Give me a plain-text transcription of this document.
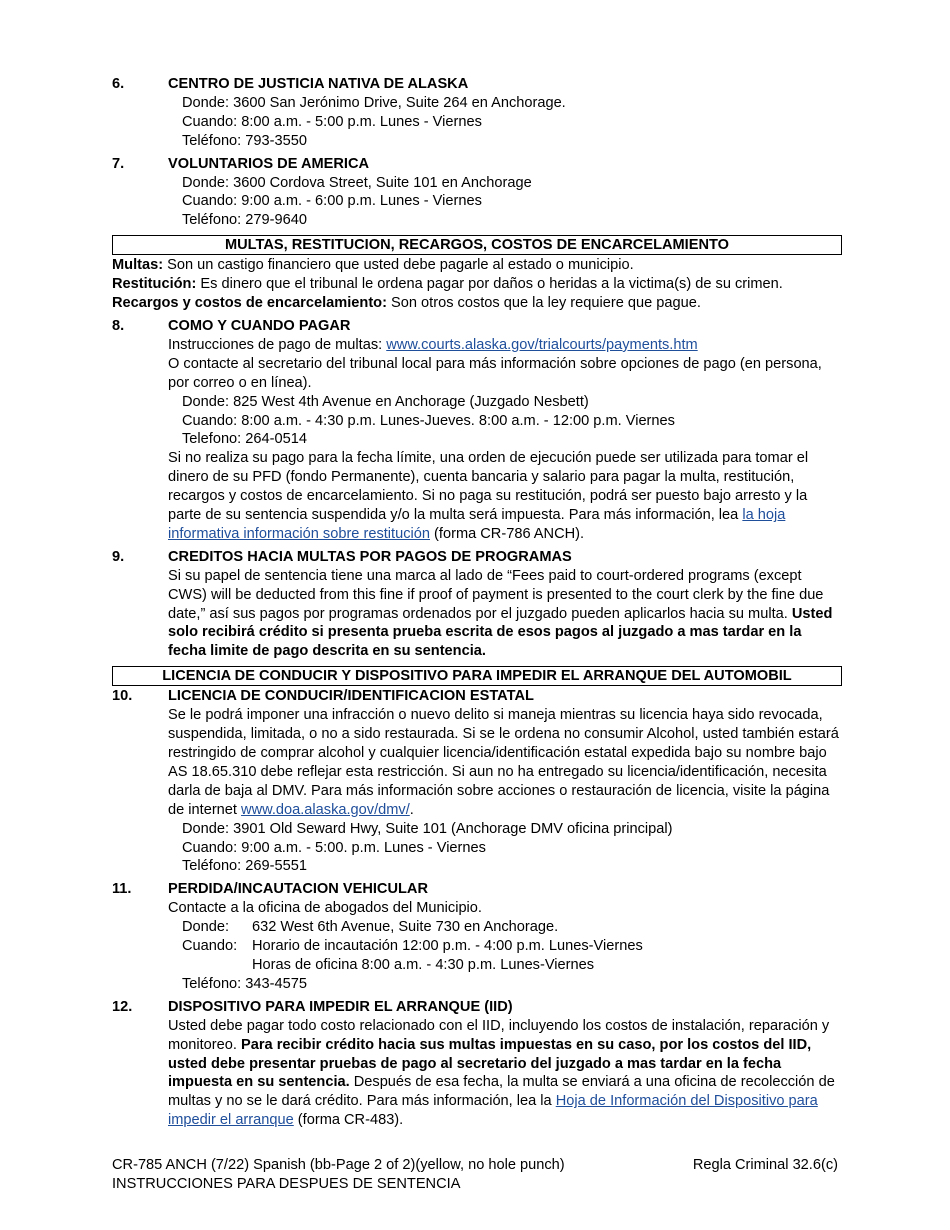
6.	CENTRO DE JUSTICIA NATIVA DE ALASKA
Donde: 3600 San Jerónimo Drive, Suite 264 en Anchorage.
Cuando: 8:00 a.m. - 5:00 p.m. Lunes - Viernes
Teléfono: 793-3550
7.	VOLUNTARIOS DE AMERICA
Donde: 3600 Cordova Street, Suite 101 en Anchorage
Cuando: 9:00 a.m. - 6:00 p.m. Lunes - Viernes
Teléfono: 279-9640
MULTAS, RESTITUCION, RECARGOS, COSTOS DE ENCARCELAMIENTO
Multas: Son un castigo financiero que usted debe pagarle al estado o municipio.
Restitución: Es dinero que el tribunal le ordena pagar por daños o heridas a la victima(s) de su crimen.
Recargos y costos de encarcelamiento: Son otros costos que la ley requiere que pague.
8.	COMO Y CUANDO PAGAR
Instrucciones de pago de multas: www.courts.alaska.gov/trialcourts/payments.htm
O contacte al secretario del tribunal local para más información sobre opciones de pago (en persona, por correo o en línea).
Donde: 825 West 4th Avenue en Anchorage (Juzgado Nesbett)
Cuando: 8:00 a.m. - 4:30 p.m. Lunes-Jueves. 8:00 a.m. - 12:00 p.m. Viernes
Telefono: 264-0514
Si no realiza su pago para la fecha límite, una orden de ejecución puede ser utilizada para tomar el dinero de su PFD (fondo Permanente), cuenta bancaria y salario para pagar la multa, restitución, recargos y costos de encarcelamiento. Si no paga su restitución, podrá ser puesto bajo arresto y la parte de su sentencia suspendida y/o la multa será impuesta. Para más información, lea la hoja informativa información sobre restitución (forma CR-786 ANCH).
9.	CREDITOS HACIA MULTAS POR PAGOS DE PROGRAMAS
Si su papel de sentencia tiene una marca al lado de “Fees paid to court-ordered programs (except CWS) will be deducted from this fine if proof of payment is presented to the court clerk by the fine due date,” así sus pagos por programas ordenados por el juzgado pueden aplicarlos hacia su multa. Usted solo recibirá crédito si presenta prueba escrita de esos pagos al juzgado a mas tardar en la fecha limite de pago descrita en su sentencia.
LICENCIA DE CONDUCIR Y DISPOSITIVO PARA IMPEDIR EL ARRANQUE DEL AUTOMOBIL
10.	LICENCIA DE CONDUCIR/IDENTIFICACION ESTATAL
Se le podrá imponer una infracción o nuevo delito si maneja mientras su licencia haya sido revocada, suspendida, limitada, o no a sido restaurada. Si se le ordena no consumir Alcohol, usted también estará restringido de comprar alcohol y cualquier licencia/identificación estatal expedida bajo su nombre bajo AS 18.65.310 debe reflejar esta restricción. Si aun no ha entregado su licencia/identificación, necesita darla de baja al DMV. Para más información sobre acciones o restauración de licencia, visite la página de internet www.doa.alaska.gov/dmv/.
Donde: 3901 Old Seward Hwy, Suite 101 (Anchorage DMV oficina principal)
Cuando: 9:00 a.m. - 5:00. p.m. Lunes - Viernes
Teléfono: 269-5551
11.	PERDIDA/INCAUTACION VEHICULAR
Contacte a la oficina de abogados del Municipio.
Donde:	632 West 6th Avenue, Suite 730 en Anchorage.
Cuando:	Horario de incautación 12:00 p.m. - 4:00 p.m. Lunes-Viernes
Horas de oficina 8:00 a.m. - 4:30 p.m. Lunes-Viernes
Teléfono: 343-4575
12.	DISPOSITIVO PARA IMPEDIR EL ARRANQUE (IID)
Usted debe pagar todo costo relacionado con el IID, incluyendo los costos de instalación, reparación y monitoreo. Para recibir crédito hacia sus multas impuestas en su caso, por los costos del IID, usted debe presentar pruebas de pago al secretario del juzgado a mas tardar en la fecha impuesta en su sentencia. Después de esa fecha, la multa se enviará a una oficina de recolección de multas y no se le dará crédito. Para más información, lea la Hoja de Información del Dispositivo para impedir el arranque (forma CR-483).
CR-785 ANCH (7/22) Spanish (bb-Page 2 of 2)(yellow, no hole punch)	Regla Criminal 32.6(c)
INSTRUCCIONES PARA DESPUES DE SENTENCIA
